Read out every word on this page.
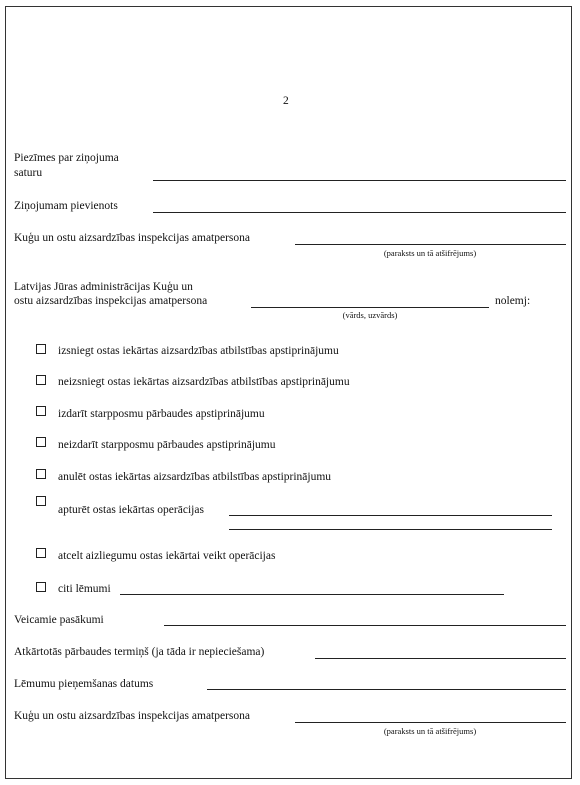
2
Piezīmes par ziņojuma
saturu
Ziņojumam pievienots
Kuģu un ostu aizsardzības inspekcijas amatpersona
(paraksts un tā atšifrējums)
Latvijas Jūras administrācijas Kuģu un
ostu aizsardzības inspekcijas amatpersona	nolemj:
(vārds, uzvārds)
izsniegt ostas iekārtas aizsardzības atbilstības apstiprinājumu
neizsniegt ostas iekārtas aizsardzības atbilstības apstiprinājumu
izdarīt starpposmu pārbaudes apstiprinājumu
neizdarīt starpposmu pārbaudes apstiprinājumu
anulēt ostas iekārtas aizsardzības atbilstības apstiprinājumu
apturēt ostas iekārtas operācijas
atcelt aizliegumu ostas iekārtai veikt operācijas
citi lēmumi
Veicamie pasākumi
Atkārtotās pārbaudes termiņš (ja tāda ir nepieciešama)
Lēmumu pieņemšanas datums
Kuģu un ostu aizsardzības inspekcijas amatpersona
(paraksts un tā atšifrējums)
